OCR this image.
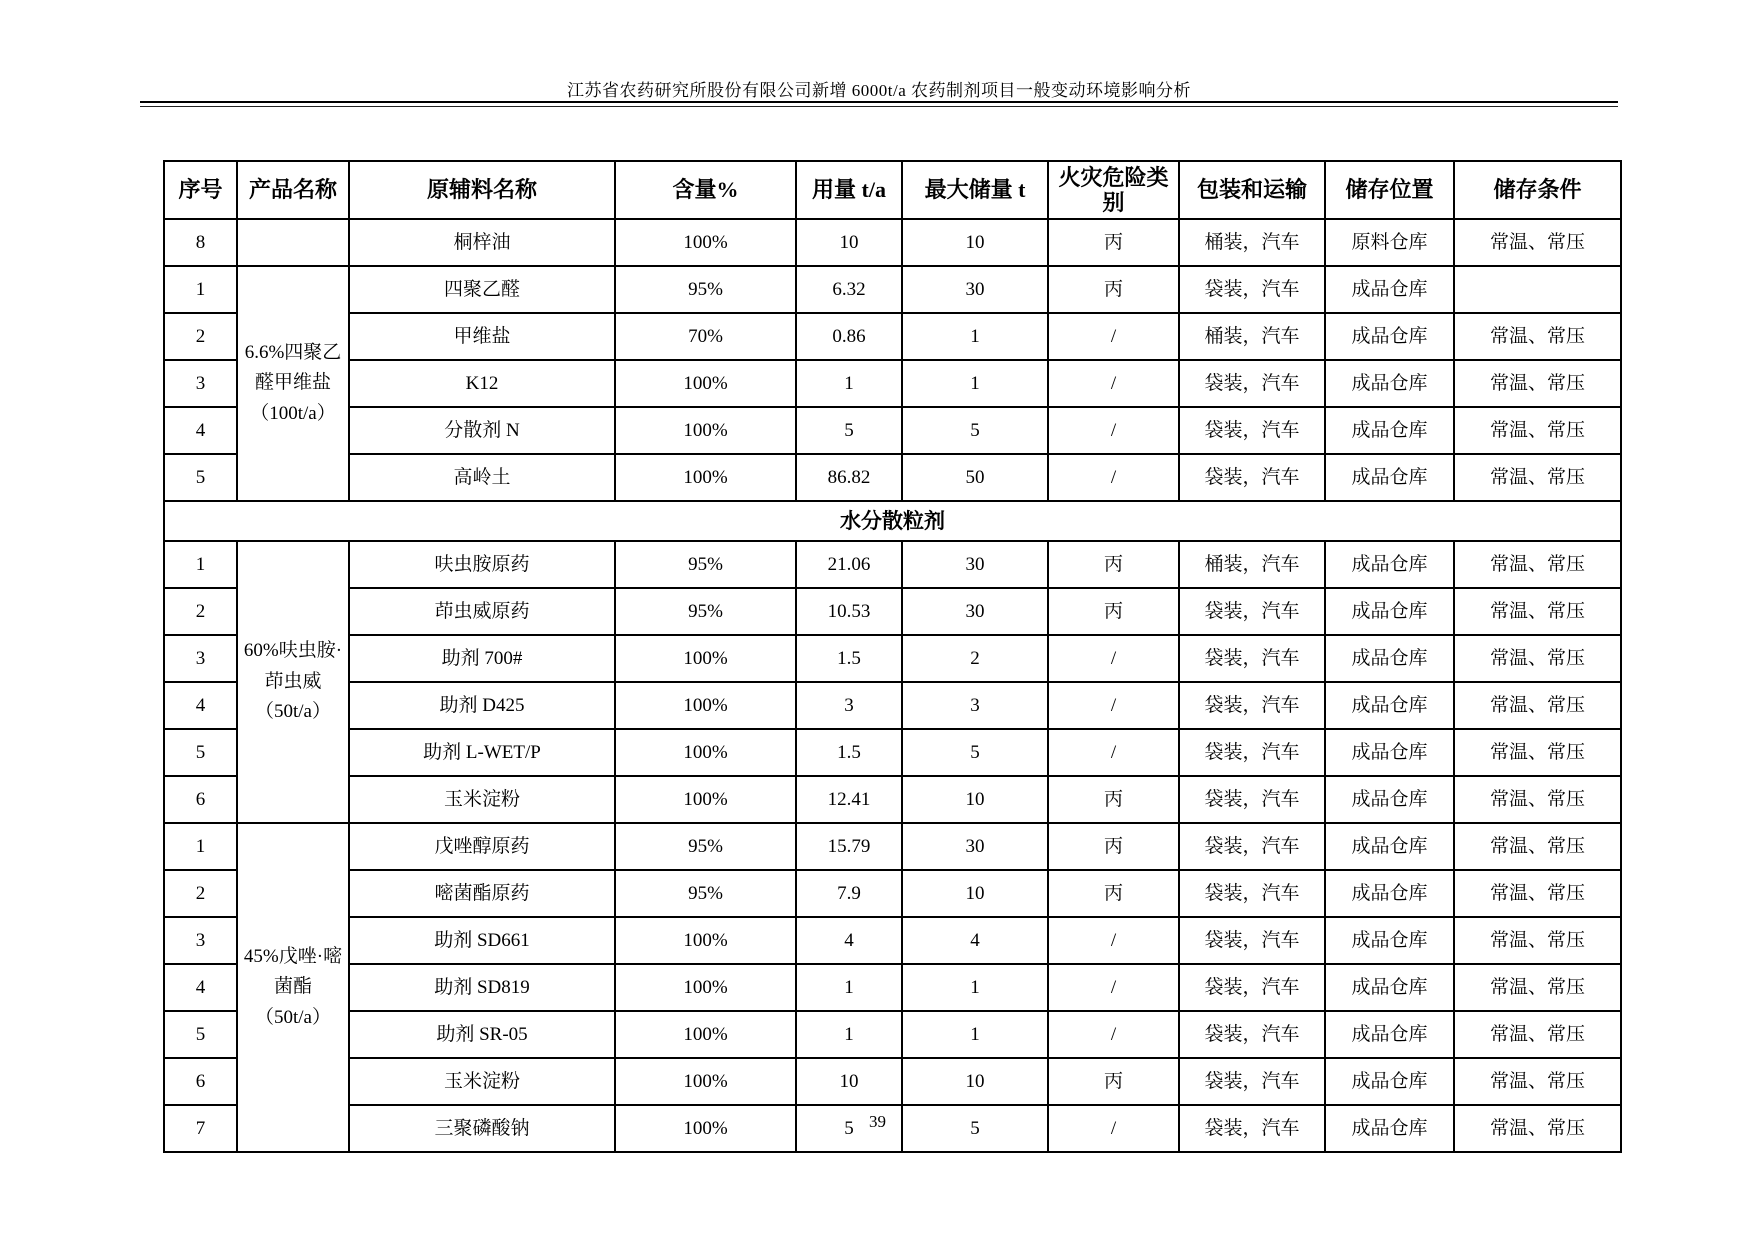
江苏省农药研究所股份有限公司新增 6000t/a 农药制剂项目一般变动环境影响分析
序号	产品名称	原辅料名称	含量%	用量 t/a	最大储量 t	火灾危险类别	包装和运输	储存位置	储存条件
8		桐梓油	100%	10	10	丙	桶装，汽车	原料仓库	常温、常压
1	6.6%四聚乙醛甲维盐（100t/a）	四聚乙醛	95%	6.32	30	丙	袋装，汽车	成品仓库	
2		甲维盐	70%	0.86	1	/	桶装，汽车	成品仓库	常温、常压
3		K12	100%	1	1	/	袋装，汽车	成品仓库	常温、常压
4		分散剂 N	100%	5	5	/	袋装，汽车	成品仓库	常温、常压
5		高岭土	100%	86.82	50	/	袋装，汽车	成品仓库	常温、常压
水分散粒剂									
1	60%呋虫胺·茚虫威（50t/a）	呋虫胺原药	95%	21.06	30	丙	桶装，汽车	成品仓库	常温、常压
2		茚虫威原药	95%	10.53	30	丙	袋装，汽车	成品仓库	常温、常压
3		助剂 700#	100%	1.5	2	/	袋装，汽车	成品仓库	常温、常压
4		助剂 D425	100%	3	3	/	袋装，汽车	成品仓库	常温、常压
5		助剂 L-WET/P	100%	1.5	5	/	袋装，汽车	成品仓库	常温、常压
6		玉米淀粉	100%	12.41	10	丙	袋装，汽车	成品仓库	常温、常压
1	45%戊唑·嘧菌酯（50t/a）	戊唑醇原药	95%	15.79	30	丙	袋装，汽车	成品仓库	常温、常压
2		嘧菌酯原药	95%	7.9	10	丙	袋装，汽车	成品仓库	常温、常压
3		助剂 SD661	100%	4	4	/	袋装，汽车	成品仓库	常温、常压
4		助剂 SD819	100%	1	1	/	袋装，汽车	成品仓库	常温、常压
5		助剂 SR-05	100%	1	1	/	袋装，汽车	成品仓库	常温、常压
6		玉米淀粉	100%	10	10	丙	袋装，汽车	成品仓库	常温、常压
7		三聚磷酸钠	100%	5	5	/	袋装，汽车	成品仓库	常温、常压
39
